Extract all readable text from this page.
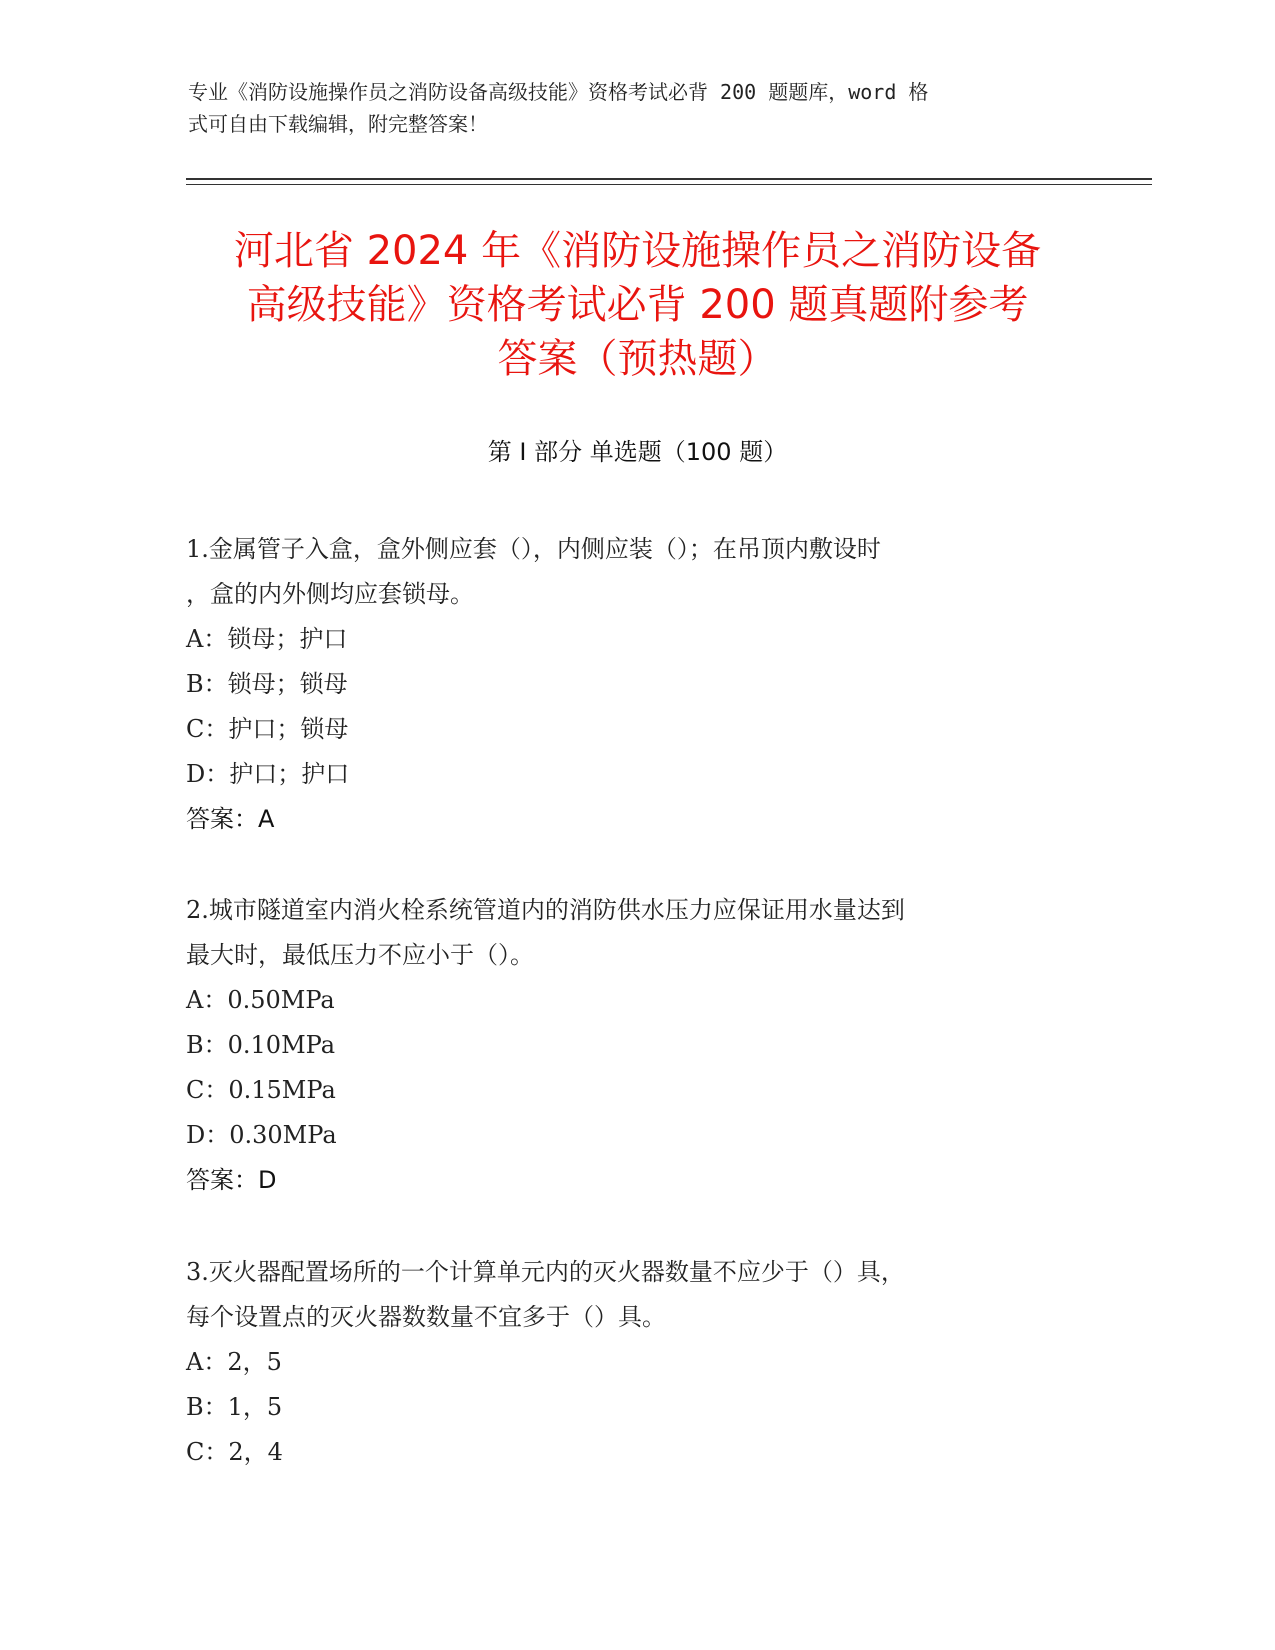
专业《消防设施操作员之消防设备高级技能》资格考试必背 200 题题库，word 格
式可自由下载编辑，附完整答案！
河北省 2024 年《消防设施操作员之消防设备
高级技能》资格考试必背 200 题真题附参考
答案（预热题）
第 I 部分 单选题（100 题）

1.金属管子入盒，盒外侧应套（），内侧应装（）；在吊顶内敷设时

，盒的内外侧均应套锁母。

A：锁母；护口

B：锁母；锁母

C：护口；锁母

D：护口；护口

答案：A

2.城市隧道室内消火栓系统管道内的消防供水压力应保证用水量达到

最大时，最低压力不应小于（）。

A：0.50MPa

B：0.10MPa

C：0.15MPa

D：0.30MPa

答案：D

3.灭火器配置场所的一个计算单元内的灭火器数量不应少于（）具，

每个设置点的灭火器数数量不宜多于（）具。

A：2，5

B：1，5

C：2，4
